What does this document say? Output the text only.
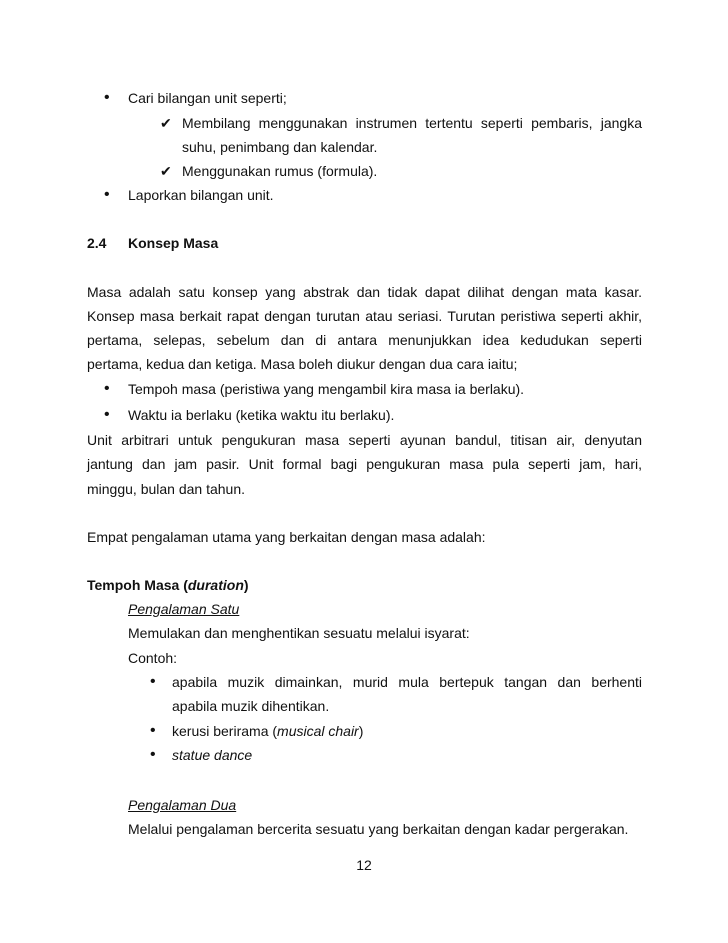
• Cari bilangan unit seperti;
✔ Membilang menggunakan instrumen tertentu seperti pembaris, jangka
suhu, penimbang dan kalendar.
✔ Menggunakan rumus (formula).
• Laporkan bilangan unit.
2.4 Konsep Masa
Masa adalah satu konsep yang abstrak dan tidak dapat dilihat dengan mata kasar.
Konsep masa berkait rapat dengan turutan atau seriasi. Turutan peristiwa seperti akhir,
pertama, selepas, sebelum dan di antara menunjukkan idea kedudukan seperti
pertama, kedua dan ketiga. Masa boleh diukur dengan dua cara iaitu;
• Tempoh masa (peristiwa yang mengambil kira masa ia berlaku).
• Waktu ia berlaku (ketika waktu itu berlaku).
Unit arbitrari untuk pengukuran masa seperti ayunan bandul, titisan air, denyutan
jantung dan jam pasir. Unit formal bagi pengukuran masa pula seperti jam, hari,
minggu, bulan dan tahun.
Empat pengalaman utama yang berkaitan dengan masa adalah:
Tempoh Masa (duration)
Pengalaman Satu
Memulakan dan menghentikan sesuatu melalui isyarat:
Contoh:
• apabila muzik dimainkan, murid mula bertepuk tangan dan berhenti
apabila muzik dihentikan.
• kerusi berirama (musical chair)
• statue dance
Pengalaman Dua
Melalui pengalaman bercerita sesuatu yang berkaitan dengan kadar pergerakan.
12
